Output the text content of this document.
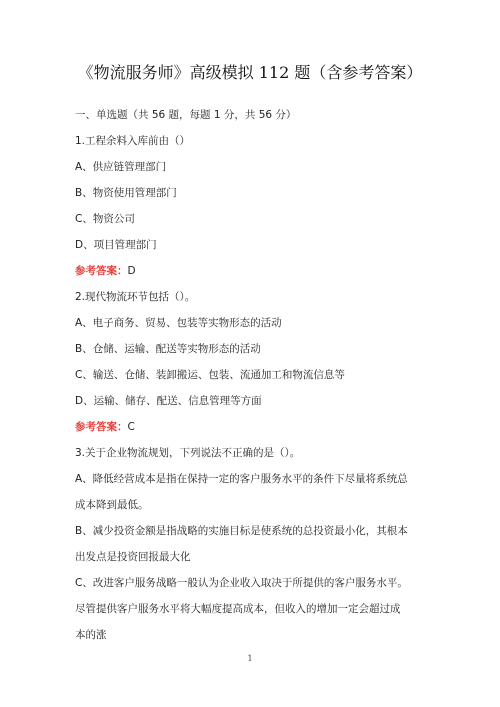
《物流服务师》高级模拟 112 题（含参考答案）
一、单选题（共 56 题，每题 1 分，共 56 分）
1.工程余料入库前由（）
A、供应链管理部门
B、物资使用管理部门
C、物资公司
D、项目管理部门
参考答案：D
2.现代物流环节包括（）。
A、电子商务、贸易、包装等实物形态的活动
B、仓储、运输、配送等实物形态的活动
C、输送、仓储、装卸搬运、包装、流通加工和物流信息等
D、运输、储存、配送、信息管理等方面
参考答案：C
3.关于企业物流规划，下列说法不正确的是（）。
A、降低经营成本是指在保持一定的客户服务水平的条件下尽量将系统总
成本降到最低。
B、减少投资金额是指战略的实施目标是使系统的总投资最小化，其根本
出发点是投资回报最大化
C、改进客户服务战略一般认为企业收入取决于所提供的客户服务水平。
尽管提供客户服务水平将大幅度提高成本，但收入的增加一定会超过成
本的涨
1
